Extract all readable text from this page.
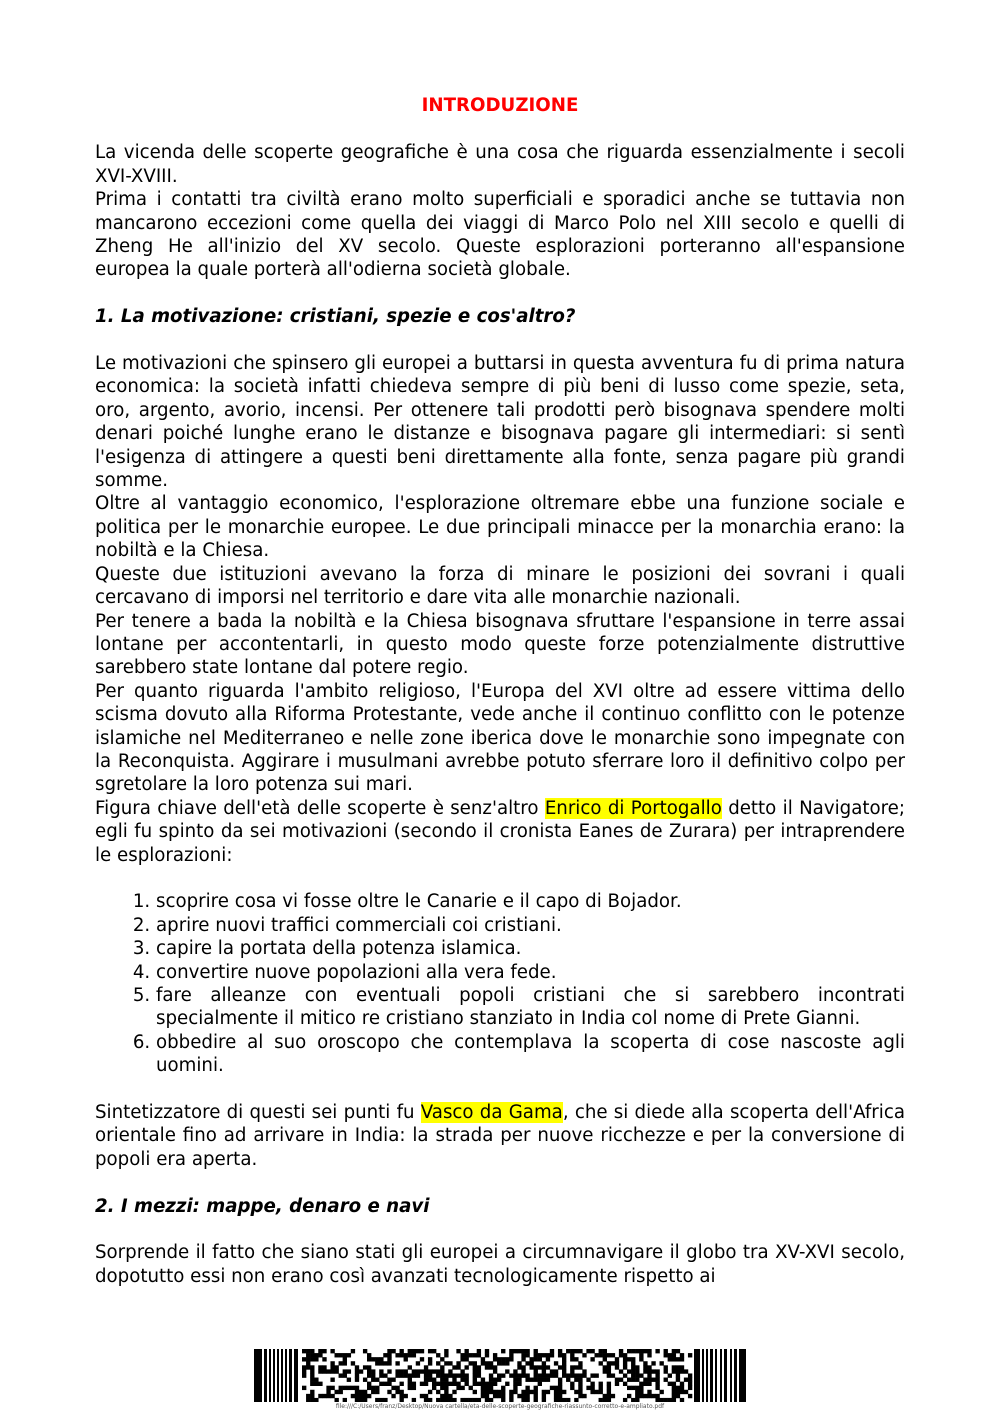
INTRODUZIONE

La vicenda delle scoperte geografiche è una cosa che riguarda essenzialmente i secoli XVI-XVIII.

Prima i contatti tra civiltà erano molto superficiali e sporadici anche se tuttavia non mancarono eccezioni come quella dei viaggi di Marco Polo nel XIII secolo e quelli di Zheng He all'inizio del XV secolo. Queste esplorazioni porteranno all'espansione europea la quale porterà all'odierna società globale.

1. La motivazione: cristiani, spezie e cos'altro?

Le motivazioni che spinsero gli europei a buttarsi in questa avventura fu di prima natura economica: la società infatti chiedeva sempre di più beni di lusso come spezie, seta, oro, argento, avorio, incensi. Per ottenere tali prodotti però bisognava spendere molti denari poiché lunghe erano le distanze e bisognava pagare gli intermediari: si sentì l'esigenza di attingere a questi beni direttamente alla fonte, senza pagare più grandi somme.

Oltre al vantaggio economico, l'esplorazione oltremare ebbe una funzione sociale e politica per le monarchie europee. Le due principali minacce per la monarchia erano: la nobiltà e la Chiesa.

Queste due istituzioni avevano la forza di minare le posizioni dei sovrani i quali cercavano di imporsi nel territorio e dare vita alle monarchie nazionali.

Per tenere a bada la nobiltà e la Chiesa bisognava sfruttare l'espansione in terre assai lontane per accontentarli, in questo modo queste forze potenzialmente distruttive sarebbero state lontane dal potere regio.

Per quanto riguarda l'ambito religioso, l'Europa del XVI oltre ad essere vittima dello scisma dovuto alla Riforma Protestante, vede anche il continuo conflitto con le potenze islamiche nel Mediterraneo e nelle zone iberica dove le monarchie sono impegnate con la Reconquista. Aggirare i musulmani avrebbe potuto sferrare loro il definitivo colpo per sgretolare la loro potenza sui mari.

Figura chiave dell'età delle scoperte è senz'altro Enrico di Portogallo detto il Navigatore; egli fu spinto da sei motivazioni (secondo il cronista Eanes de Zurara) per intraprendere le esplorazioni:

1. scoprire cosa vi fosse oltre le Canarie e il capo di Bojador.
2. aprire nuovi traffici commerciali coi cristiani.
3. capire la portata della potenza islamica.
4. convertire nuove popolazioni alla vera fede.
5. fare alleanze con eventuali popoli cristiani che si sarebbero incontrati specialmente il mitico re cristiano stanziato in India col nome di Prete Gianni.
6. obbedire al suo oroscopo che contemplava la scoperta di cose nascoste agli uomini.

Sintetizzatore di questi sei punti fu Vasco da Gama, che si diede alla scoperta dell'Africa orientale fino ad arrivare in India: la strada per nuove ricchezze e per la conversione di popoli era aperta.

2. I mezzi: mappe, denaro e navi

Sorprende il fatto che siano stati gli europei a circumnavigare il globo tra XV-XVI secolo, dopotutto essi non erano così avanzati tecnologicamente rispetto ai

file:///C:/Users/franz/Desktop/Nuova cartella/eta-delle-scoperte-geografiche-riassunto-corretto-e-ampliato.pdf
